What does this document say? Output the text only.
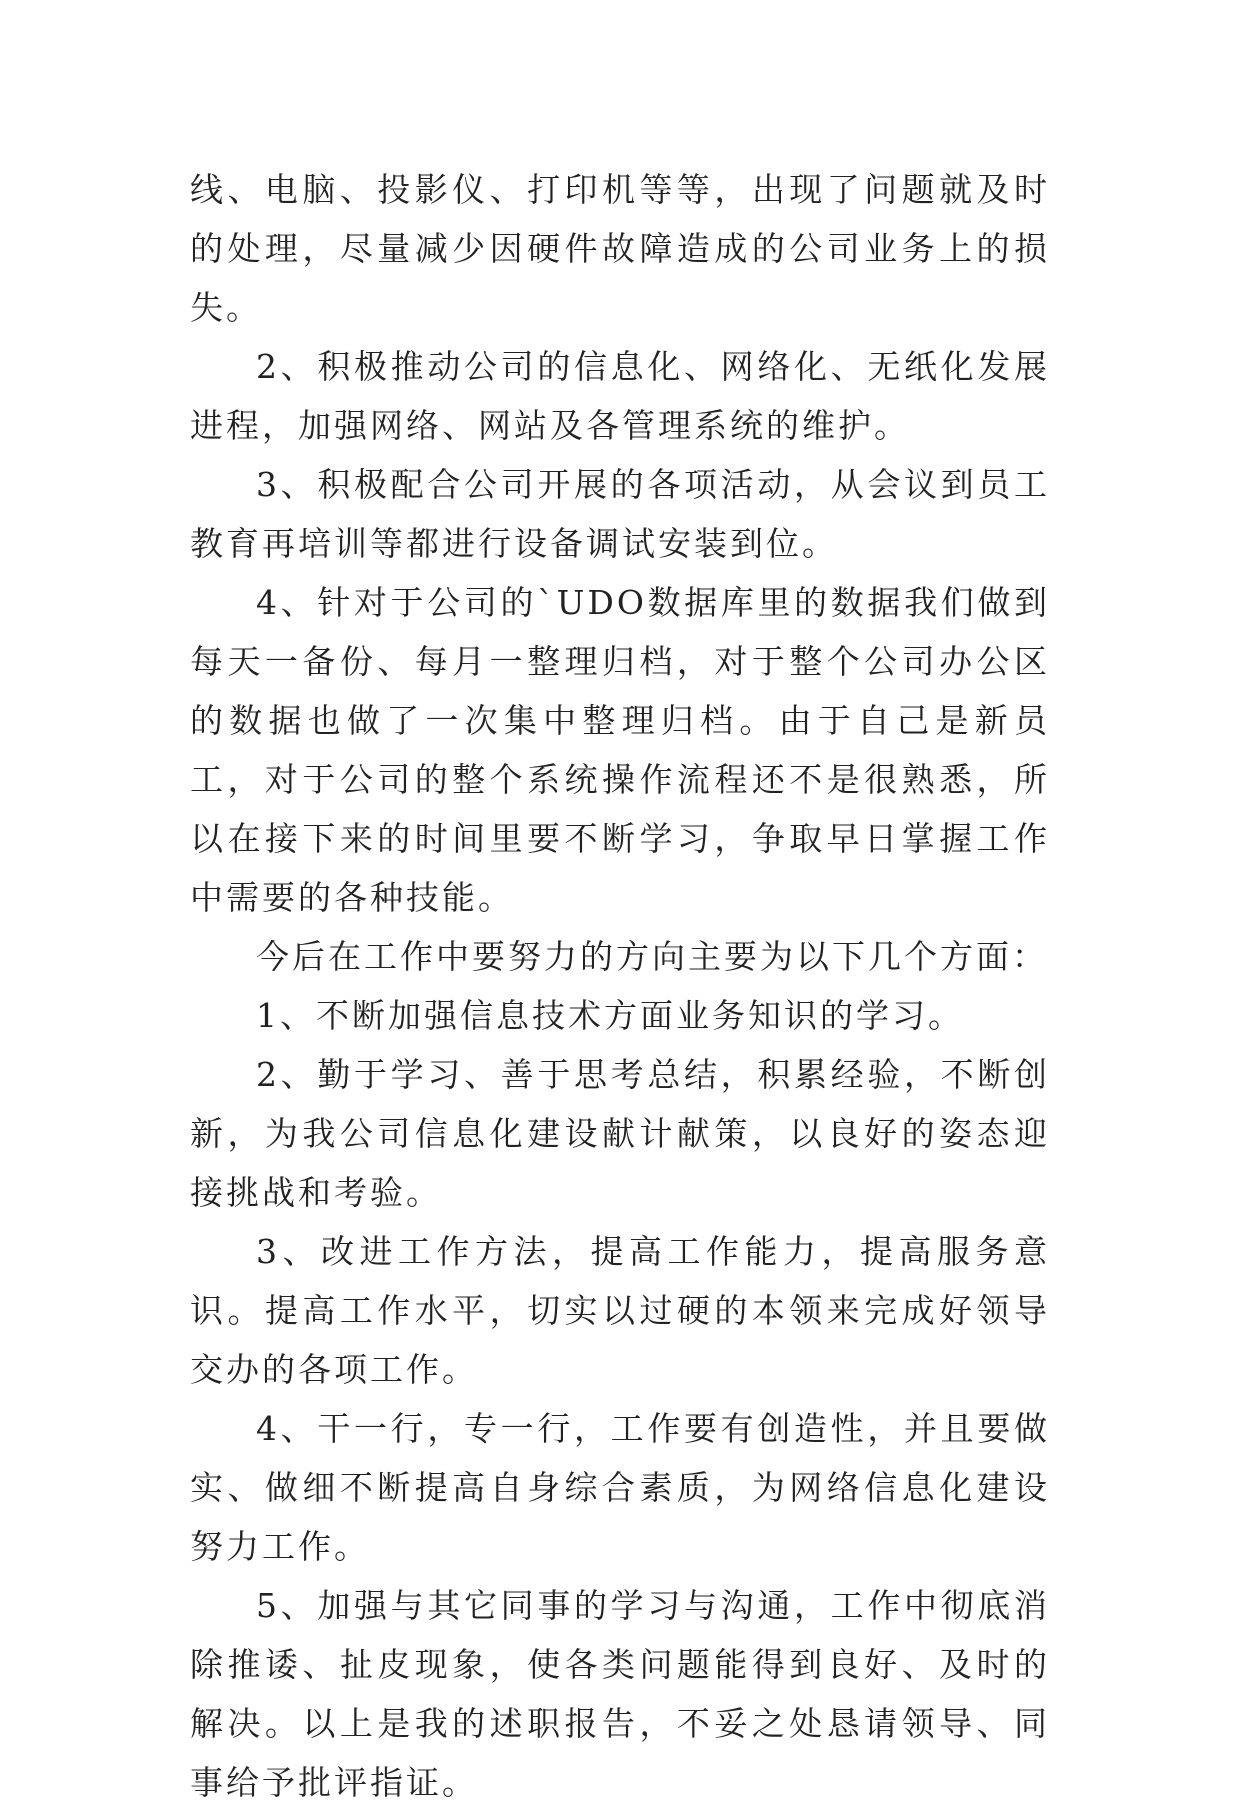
线、电脑、投影仪、打印机等等，出现了问题就及时的处理，尽量减少因硬件故障造成的公司业务上的损失。

2、积极推动公司的信息化、网络化、无纸化发展进程，加强网络、网站及各管理系统的维护。

3、积极配合公司开展的各项活动，从会议到员工教育再培训等都进行设备调试安装到位。

4、针对于公司的`UDO数据库里的数据我们做到每天一备份、每月一整理归档，对于整个公司办公区的数据也做了一次集中整理归档。由于自己是新员工，对于公司的整个系统操作流程还不是很熟悉，所以在接下来的时间里要不断学习，争取早日掌握工作中需要的各种技能。

今后在工作中要努力的方向主要为以下几个方面：

1、不断加强信息技术方面业务知识的学习。

2、勤于学习、善于思考总结，积累经验，不断创新，为我公司信息化建设献计献策，以良好的姿态迎接挑战和考验。

3、改进工作方法，提高工作能力，提高服务意识。提高工作水平，切实以过硬的本领来完成好领导交办的各项工作。

4、干一行，专一行，工作要有创造性，并且要做实、做细不断提高自身综合素质，为网络信息化建设努力工作。

5、加强与其它同事的学习与沟通，工作中彻底消除推诿、扯皮现象，使各类问题能得到良好、及时的解决。以上是我的述职报告，不妥之处恳请领导、同事给予批评指证。
